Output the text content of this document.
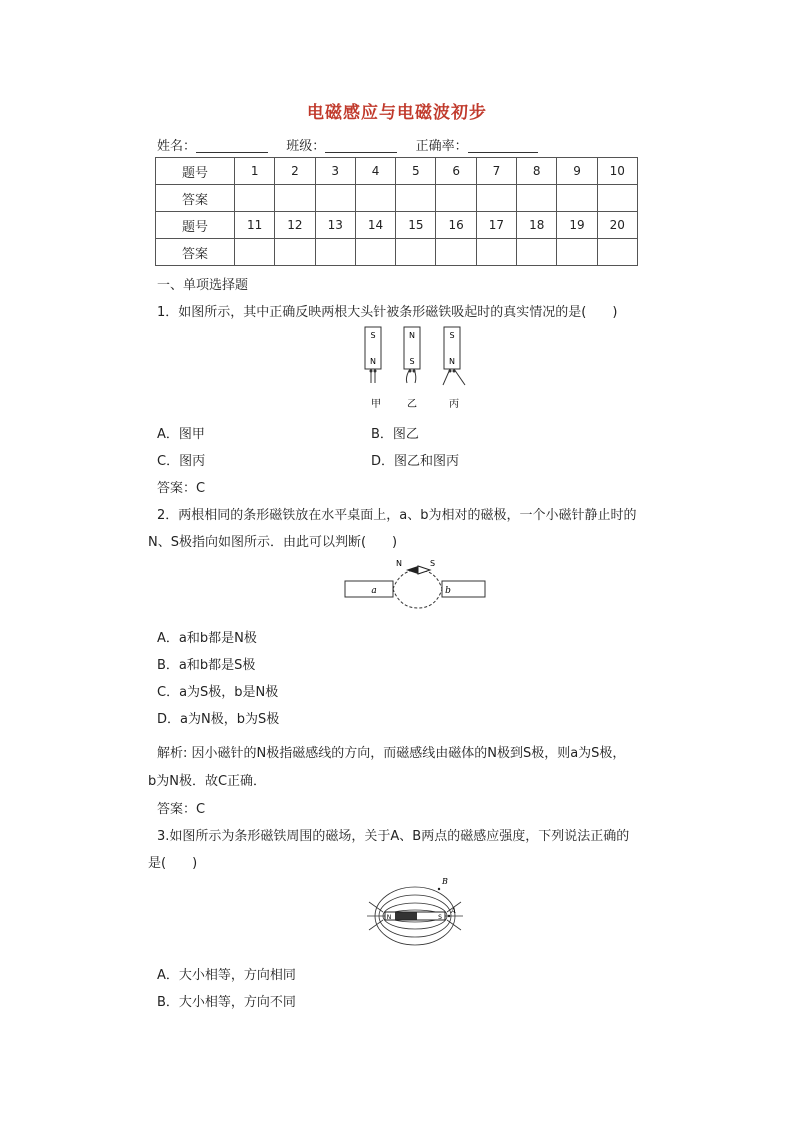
电磁感应与电磁波初步
姓名：	班级：	正确率：
题号	1	2	3	4	5	6	7	8	9	10
答案										
题号	11	12	13	14	15	16	17	18	19	20
答案										
一、单项选择题
1．如图所示，其中正确反映两根大头针被条形磁铁吸起时的真实情况的是(　　)
S
N
N
S
S
N
甲	乙	丙
A．图甲	B．图乙
C．图丙	D．图乙和图丙
答案：C
2．两根相同的条形磁铁放在水平桌面上，a、b为相对的磁极，一个小磁针静止时的
N、S极指向如图所示．由此可以判断(　　)
a	b
N	S
A．a和b都是N极
B．a和b都是S极
C．a为S极，b是N极
D．a为N极，b为S极
解析: 因小磁针的N极指磁感线的方向，而磁感线由磁体的N极到S极，则a为S极，
b为N极．故C正确．
答案：C
3.如图所示为条形磁铁周围的磁场，关于A、B两点的磁感应强度，下列说法正确的
是(　　)
N	S
B
A
A．大小相等，方向相同
B．大小相等，方向不同
